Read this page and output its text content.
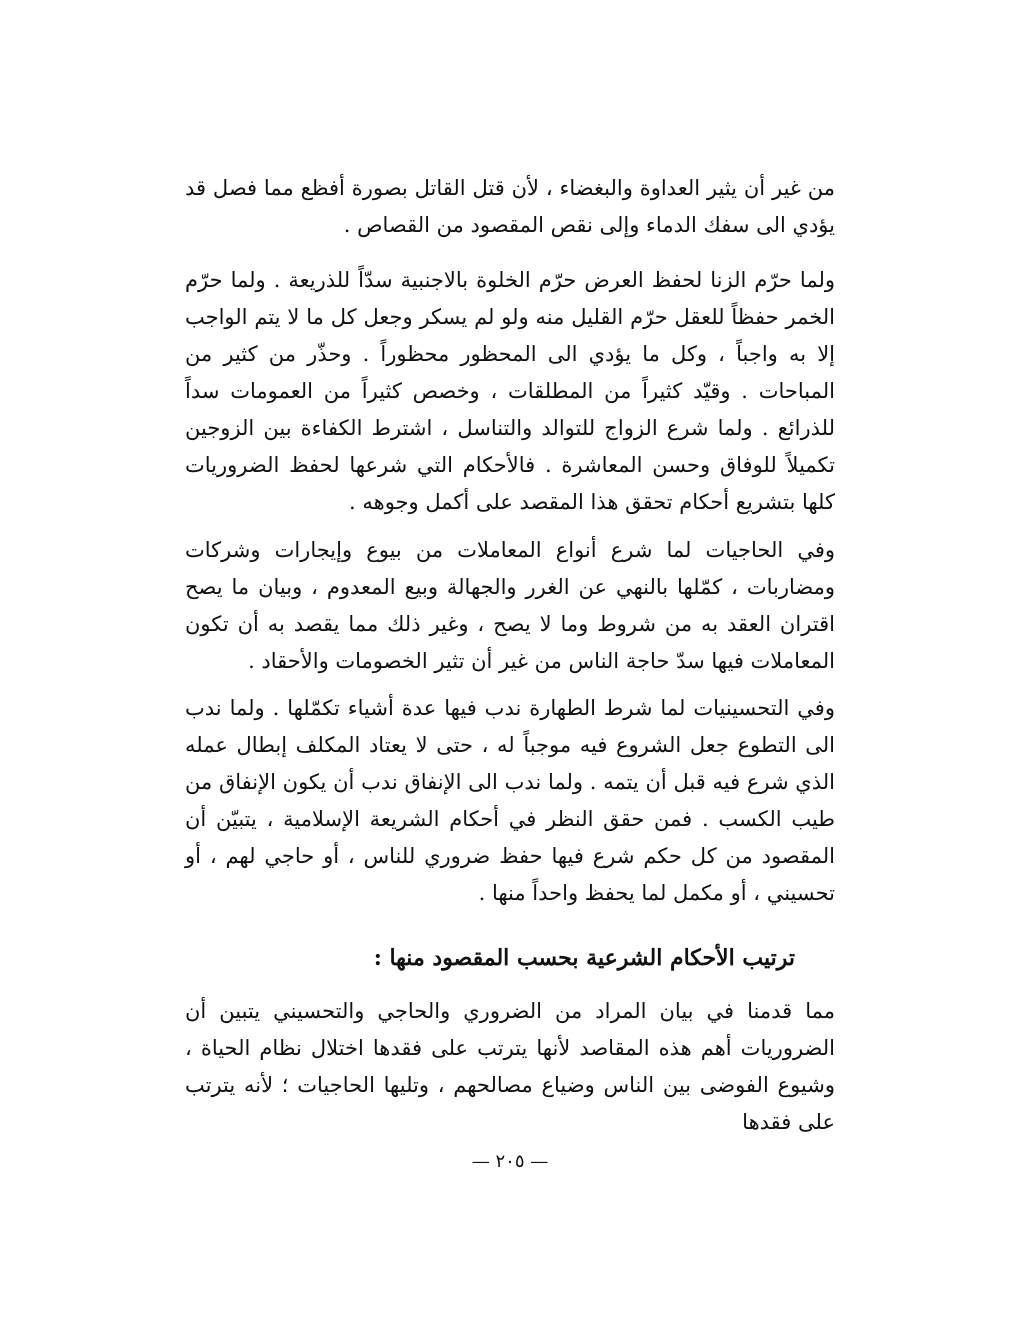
من غير أن يثير العداوة والبغضاء ، لأن قتل القاتل بصورة أفظع مما فصل قد يؤدي الى سفك الدماء وإلى نقص المقصود من القصاص .

ولما حرّم الزنا لحفظ العرض حرّم الخلوة بالاجنبية سدّاً للذريعة . ولما حرّم الخمر حفظاً للعقل حرّم القليل منه ولو لم يسكر وجعل كل ما لا يتم الواجب إلا به واجباً ، وكل ما يؤدي الى المحظور محظوراً . وحذّر من كثير من المباحات . وقيّد كثيراً من المطلقات ، وخصص كثيراً من العمومات سداً للذرائع . ولما شرع الزواج للتوالد والتناسل ، اشترط الكفاءة بين الزوجين تكميلاً للوفاق وحسن المعاشرة . فالأحكام التي شرعها لحفظ الضروريات كلها بتشريع أحكام تحقق هذا المقصد على أكمل وجوهه .

وفي الحاجيات لما شرع أنواع المعاملات من بيوع وإيجارات وشركات ومضاربات ، كمّلها بالنهي عن الغرر والجهالة وبيع المعدوم ، وبيان ما يصح اقتران العقد به من شروط وما لا يصح ، وغير ذلك مما يقصد به أن تكون المعاملات فيها سدّ حاجة الناس من غير أن تثير الخصومات والأحقاد .

وفي التحسينيات لما شرط الطهارة ندب فيها عدة أشياء تكمّلها . ولما ندب الى التطوع جعل الشروع فيه موجباً له ، حتى لا يعتاد المكلف إبطال عمله الذي شرع فيه قبل أن يتمه . ولما ندب الى الإنفاق ندب أن يكون الإنفاق من طيب الكسب . فمن حقق النظر في أحكام الشريعة الإسلامية ، يتبيّن أن المقصود من كل حكم شرع فيها حفظ ضروري للناس ، أو حاجي لهم ، أو تحسيني ، أو مكمل لما يحفظ واحداً منها .

ترتيب الأحكام الشرعية بحسب المقصود منها :

مما قدمنا في بيان المراد من الضروري والحاجي والتحسيني يتبين أن الضروريات أهم هذه المقاصد لأنها يترتب على فقدها اختلال نظام الحياة ، وشيوع الفوضى بين الناس وضياع مصالحهم ، وتليها الحاجيات ؛ لأنه يترتب على فقدها

— ٢٠٥ —
